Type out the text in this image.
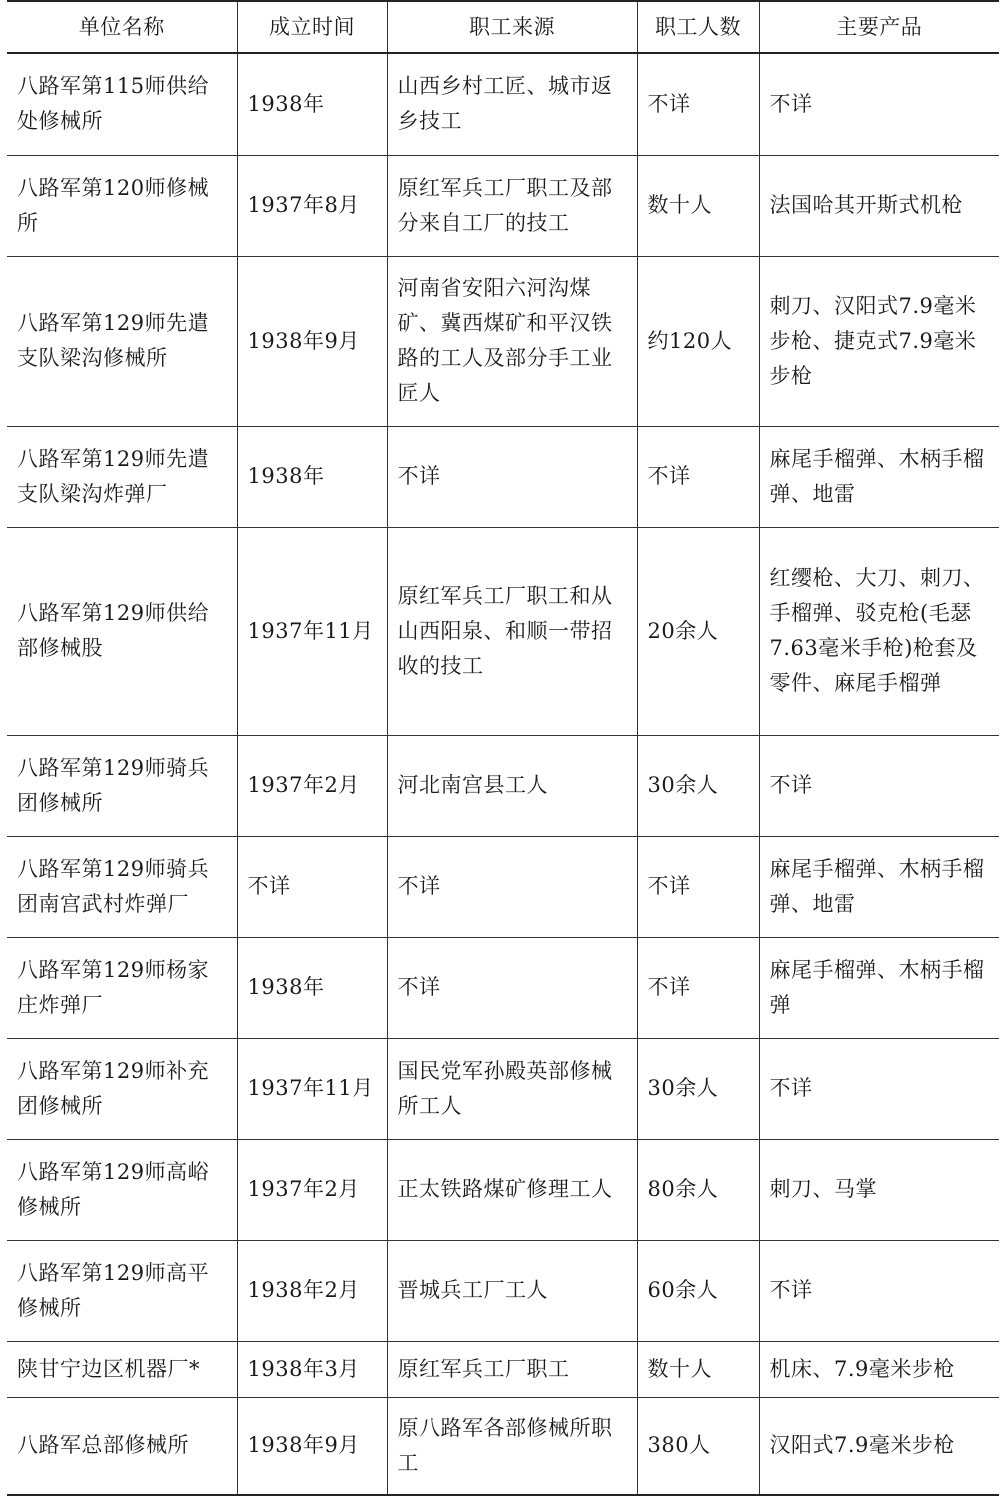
单位名称	成立时间	职工来源	职工人数	主要产品
八路军第115师供给处修械所	1938年	山西乡村工匠、城市返乡技工	不详	不详
八路军第120师修械所	1937年8月	原红军兵工厂职工及部分来自工厂的技工	数十人	法国哈其开斯式机枪
八路军第129师先遣支队梁沟修械所	1938年9月	河南省安阳六河沟煤矿、冀西煤矿和平汉铁路的工人及部分手工业匠人	约120人	刺刀、汉阳式7.9毫米步枪、捷克式7.9毫米步枪
八路军第129师先遣支队梁沟炸弹厂	1938年	不详	不详	麻尾手榴弹、木柄手榴弹、地雷
八路军第129师供给部修械股	1937年11月	原红军兵工厂职工和从山西阳泉、和顺一带招收的技工	20余人	红缨枪、大刀、刺刀、手榴弹、驳克枪(毛瑟7.63毫米手枪)枪套及零件、麻尾手榴弹
八路军第129师骑兵团修械所	1937年2月	河北南宫县工人	30余人	不详
八路军第129师骑兵团南宫武村炸弹厂	不详	不详	不详	麻尾手榴弹、木柄手榴弹、地雷
八路军第129师杨家庄炸弹厂	1938年	不详	不详	麻尾手榴弹、木柄手榴弹
八路军第129师补充团修械所	1937年11月	国民党军孙殿英部修械所工人	30余人	不详
八路军第129师高峪修械所	1937年2月	正太铁路煤矿修理工人	80余人	刺刀、马掌
八路军第129师高平修械所	1938年2月	晋城兵工厂工人	60余人	不详
陕甘宁边区机器厂*	1938年3月	原红军兵工厂职工	数十人	机床、7.9毫米步枪
八路军总部修械所	1938年9月	原八路军各部修械所职工	380人	汉阳式7.9毫米步枪
